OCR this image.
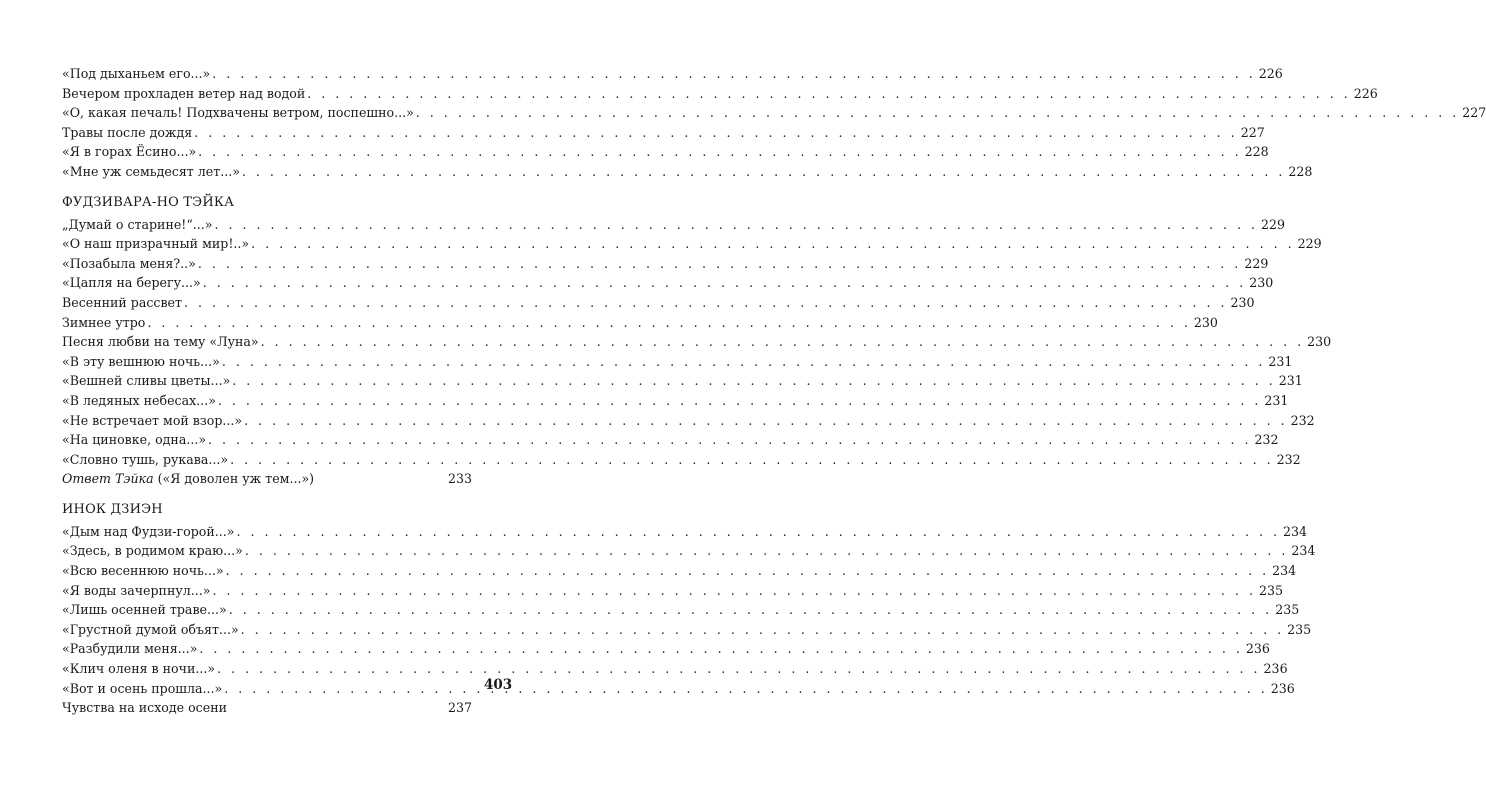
«Под дыханьем его...» . . .	226
Вечером прохладен ветер над водой . . .	226
«О, какая печаль! Подхвачены ветром, поспешно...» . . .	227
Травы после дождя . . .	227
«Я в горах Ёсино...» . . .	228
«Мне уж семьдесят лет...» . . .	228
ФУДЗИВАРА-НО ТЭЙКА
„Думай о старине!“...» . . .	229
«О наш призрачный мир!..» . . .	229
«Позабыла меня?..» . . .	229
«Цапля на берегу...» . . .	230
Весенний рассвет . . .	230
Зимнее утро . . .	230
Песня любви на тему «Луна» . . .	230
«В эту вешнюю ночь...» . . .	231
«Вешней сливы цветы...» . . .	231
«В ледяных небесах...» . . .	231
«Не встречает мой взор...» . . .	232
«На циновке, одна...» . . .	232
«Словно тушь, рукава...» . . .	232
Ответ Тэйка («Я доволен уж тем...»)	233
ИНОК ДЗИЭН
«Дым над Фудзи-горой...» . . .	234
«Здесь, в родимом краю...» . . .	234
«Всю весеннюю ночь...» . . .	234
«Я воды зачерпнул...» . . .	235
«Лишь осенней траве...» . . .	235
«Грустной думой объят...» . . .	235
«Разбудили меня...» . . .	236
«Клич оленя в ночи...» . . .	236
«Вот и осень прошла...» . . .	236
Чувства на исходе осени	237
403
